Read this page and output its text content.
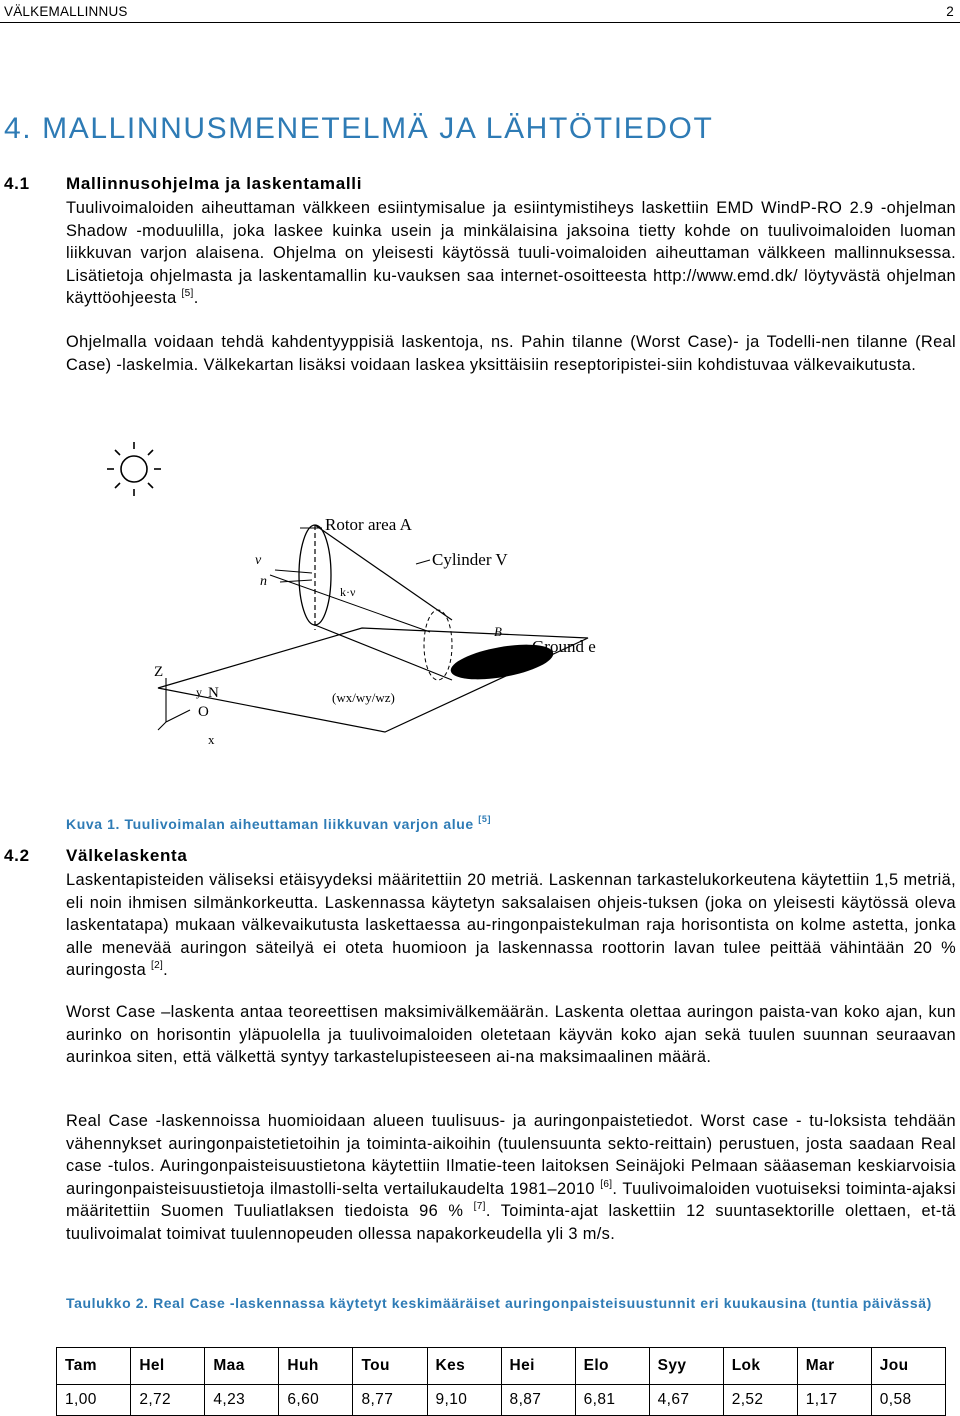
VÄLKEMALLINNUS	2
4. MALLINNUSMENETELMÄ JA LÄHTÖTIEDOT
4.1 Mallinnusohjelma ja laskentamalli

Tuulivoimaloiden aiheuttaman välkkeen esiintymisalue ja esiintymistiheys laskettiin EMD WindP-RO 2.9 -ohjelman Shadow -moduulilla, joka laskee kuinka usein ja minkälaisina jaksoina tietty kohde on tuulivoimaloiden luoman liikkuvan varjon alaisena. Ohjelma on yleisesti käytössä tuuli-voimaloiden aiheuttaman välkkeen mallinnuksessa. Lisätietoja ohjelmasta ja laskentamallin ku-vauksen saa internet-osoitteesta http://www.emd.dk/ löytyvästä ohjelman käyttöohjeesta [5].

Ohjelmalla voidaan tehdä kahdentyyppisiä laskentoja, ns. Pahin tilanne (Worst Case)- ja Todelli-nen tilanne (Real Case) -laskelmia. Välkekartan lisäksi voidaan laskea yksittäisiin reseptoripistei-siin kohdistuvaa välkevaikutusta.

Rotor area A
Cylinder V
Ground e
ν
n
k·ν
B
(wx/wy/wz)
Z
y N
O
x

Kuva 1. Tuulivoimalan aiheuttaman liikkuvan varjon alue [5]

4.2 Välkelaskenta

Laskentapisteiden väliseksi etäisyydeksi määritettiin 20 metriä. Laskennan tarkastelukorkeutena käytettiin 1,5 metriä, eli noin ihmisen silmänkorkeutta. Laskennassa käytetyn saksalaisen ohjeis-tuksen (joka on yleisesti käytössä oleva laskentatapa) mukaan välkevaikutusta laskettaessa au-ringonpaistekulman raja horisontista on kolme astetta, jonka alle menevää auringon säteilyä ei oteta huomioon ja laskennassa roottorin lavan tulee peittää vähintään 20 % auringosta [2].

Worst Case –laskenta antaa teoreettisen maksimivälkemäärän. Laskenta olettaa auringon paista-van koko ajan, kun aurinko on horisontin yläpuolella ja tuulivoimaloiden oletetaan käyvän koko ajan sekä tuulen suunnan seuraavan aurinkoa siten, että välkettä syntyy tarkastelupisteeseen ai-na maksimaalinen määrä.

Real Case -laskennoissa huomioidaan alueen tuulisuus- ja auringonpaistetiedot. Worst case - tu-loksista tehdään vähennykset auringonpaistetietoihin ja toiminta-aikoihin (tuulensuunta sekto-reittain) perustuen, josta saadaan Real case -tulos. Auringonpaisteisuustietona käytettiin Ilmatie-teen laitoksen Seinäjoki Pelmaan sääaseman keskiarvoisia auringonpaisteisuustietoja ilmastolli-selta vertailukaudelta 1981–2010 [6]. Tuulivoimaloiden vuotuiseksi toiminta-ajaksi määritettiin Suomen Tuuliatlaksen tiedoista 96 % [7]. Toiminta-ajat laskettiin 12 suuntasektorille olettaen, et-tä tuulivoimalat toimivat tuulennopeuden ollessa napakorkeudella yli 3 m/s.

Taulukko 2. Real Case -laskennassa käytetyt keskimääräiset auringonpaisteisuustunnit eri kuukausina (tuntia päivässä)

Tam	Hel	Maa	Huh	Tou	Kes	Hei	Elo	Syy	Lok	Mar	Jou
1,00	2,72	4,23	6,60	8,77	9,10	8,87	6,81	4,67	2,52	1,17	0,58
